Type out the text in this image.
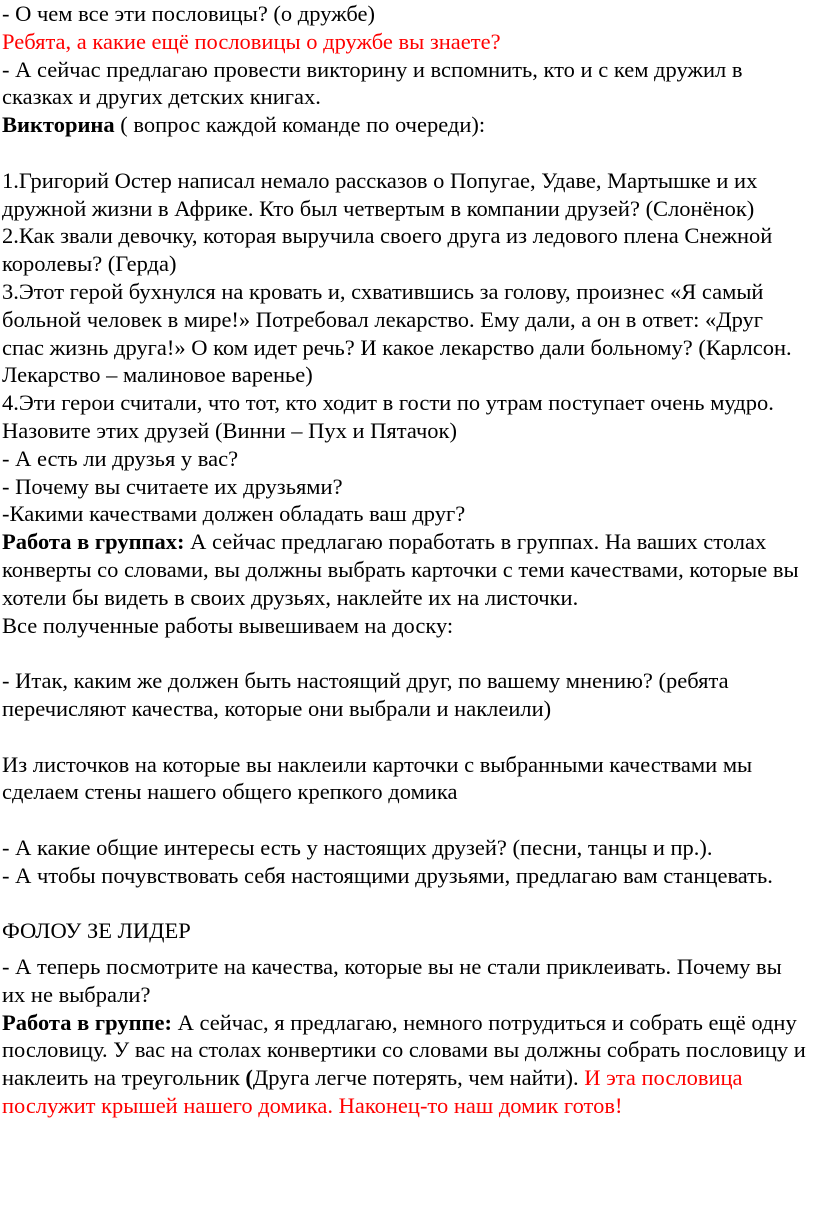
- О чем все эти пословицы? (о дружбе)

Ребята, а какие ещё пословицы о дружбе вы знаете?

- А сейчас предлагаю провести викторину и вспомнить, кто и с кем дружил в сказках и других детских книгах.

Викторина ( вопрос каждой команде по очереди):

1.Григорий Остер написал немало рассказов о Попугае, Удаве, Мартышке и их дружной жизни в Африке. Кто был четвертым в компании друзей? (Слонёнок)

2.Как звали девочку, которая выручила своего друга из ледового плена Снежной королевы? (Герда)

3.Этот герой бухнулся на кровать и, схватившись за голову, произнес «Я самый больной человек в мире!» Потребовал лекарство. Ему дали, а он в ответ: «Друг спас жизнь друга!» О ком идет речь? И какое лекарство дали больному? (Карлсон. Лекарство – малиновое варенье)

4.Эти герои считали, что тот, кто ходит в гости по утрам поступает очень мудро. Назовите этих друзей (Винни – Пух и Пятачок)

- А есть ли друзья у вас?

- Почему вы считаете их друзьями?

-Какими качествами должен обладать ваш друг?

Работа в группах: А сейчас предлагаю поработать в группах. На ваших столах конверты со словами, вы должны выбрать карточки с теми качествами, которые вы хотели бы видеть в своих друзьях, наклейте их на листочки.

Все полученные работы вывешиваем на доску:

- Итак, каким же должен быть настоящий друг, по вашему мнению? (ребята перечисляют качества, которые они выбрали и наклеили)

Из листочков на которые вы наклеили карточки с выбранными качествами мы сделаем стены нашего общего крепкого домика

- А какие общие интересы есть у настоящих друзей? (песни, танцы и пр.).

- А чтобы почувствовать себя настоящими друзьями, предлагаю вам станцевать.

ФОЛОУ ЗЕ ЛИДЕР

- А теперь посмотрите на качества, которые вы не стали приклеивать. Почему вы их не выбрали?

Работа в группе: А сейчас, я предлагаю, немного потрудиться и собрать ещё одну пословицу. У вас на столах конвертики со словами вы должны собрать пословицу и наклеить на треугольник (Друга легче потерять, чем найти). И эта пословица послужит крышей нашего домика. Наконец-то наш домик готов!
